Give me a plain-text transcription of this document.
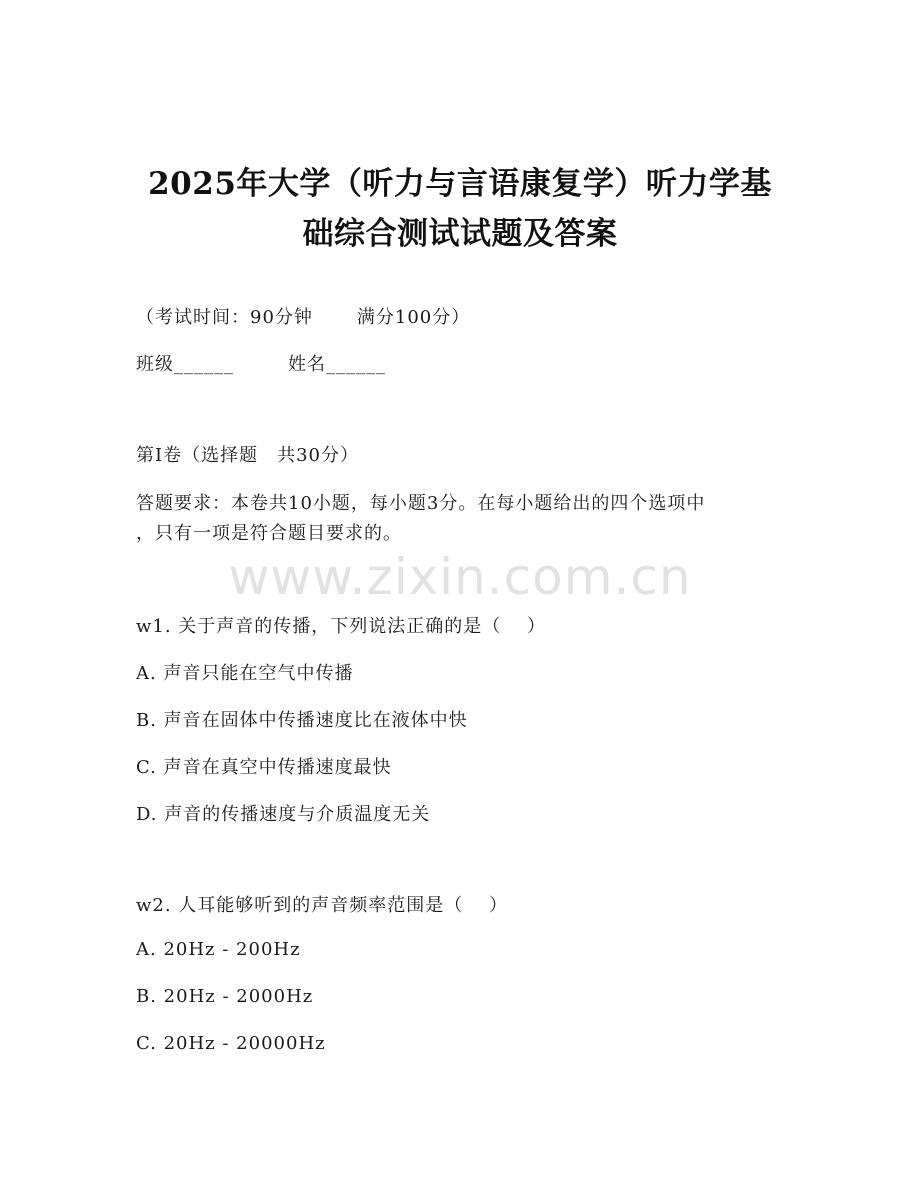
2025年大学（听力与言语康复学）听力学基
础综合测试试题及答案
（考试时间：90分钟 满分100分）
班级______	姓名______
第I卷（选择题　共30分）
答题要求：本卷共10小题，每小题3分。在每小题给出的四个选项中
，只有一项是符合题目要求的。
www.zixin.com.cn
w1. 关于声音的传播，下列说法正确的是（　 ）
A. 声音只能在空气中传播
B. 声音在固体中传播速度比在液体中快
C. 声音在真空中传播速度最快
D. 声音的传播速度与介质温度无关
w2. 人耳能够听到的声音频率范围是（　 ）
A. 20Hz - 200Hz
B. 20Hz - 2000Hz
C. 20Hz - 20000Hz
